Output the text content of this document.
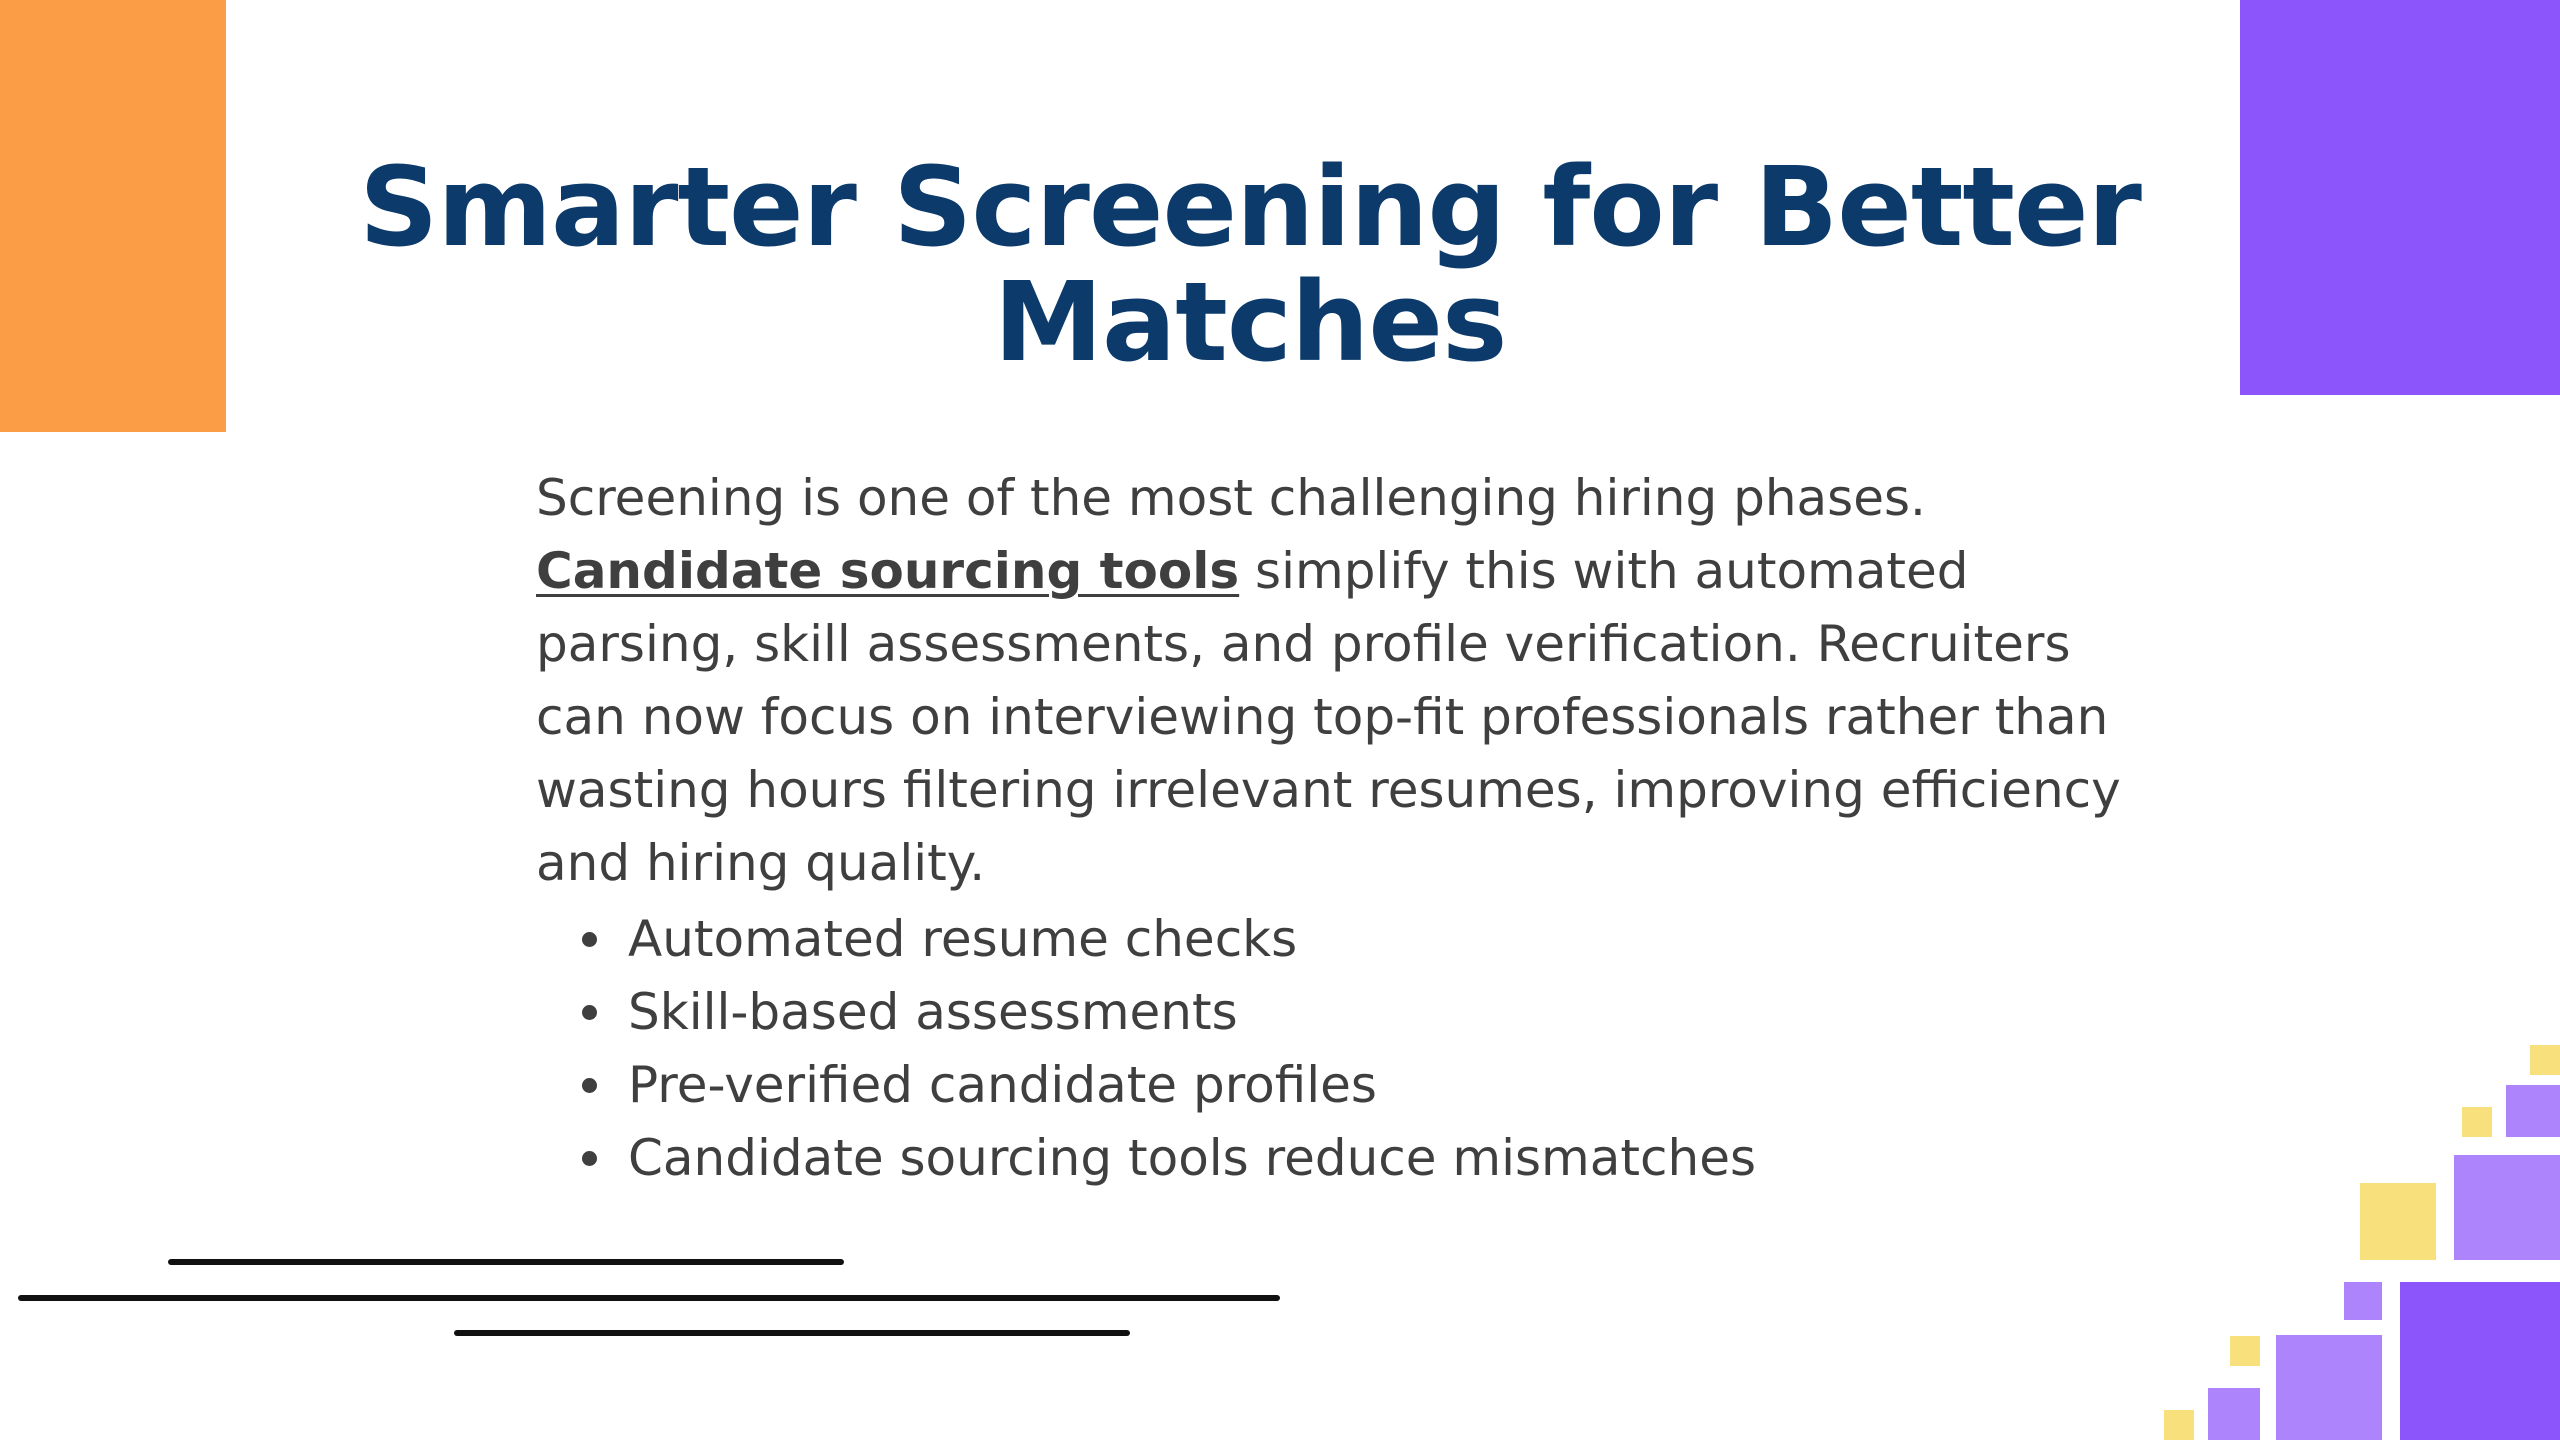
Smarter Screening for Better Matches

Screening is one of the most challenging hiring phases. Candidate sourcing tools simplify this with automated parsing, skill assessments, and profile verification. Recruiters can now focus on interviewing top-fit professionals rather than wasting hours filtering irrelevant resumes, improving efficiency and hiring quality.

Automated resume checks
Skill-based assessments
Pre-verified candidate profiles
Candidate sourcing tools reduce mismatches
